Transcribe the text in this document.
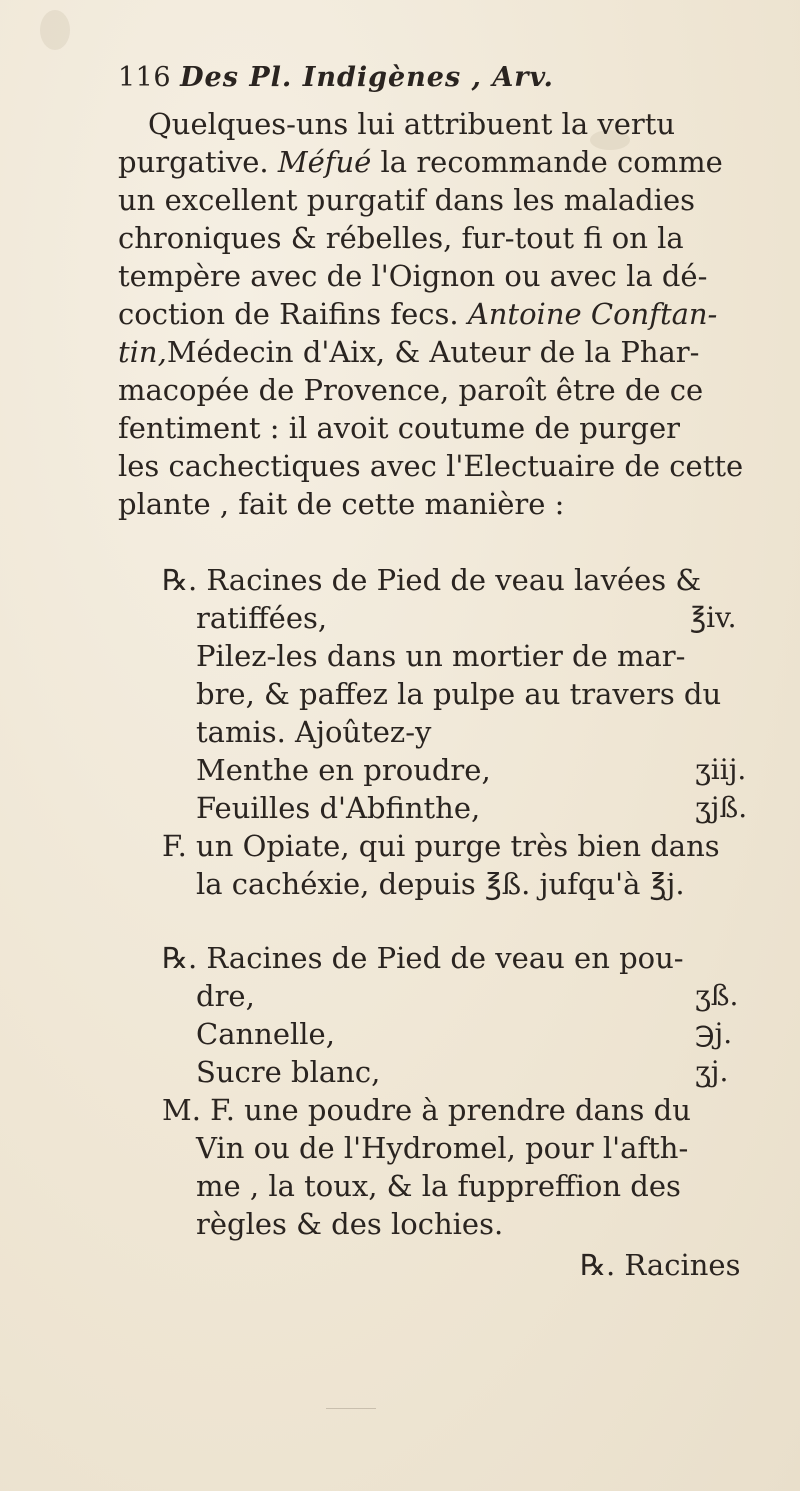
116 Des Pl. Indigènes , Arv.
Quelques-uns lui attribuent la vertu
purgative. Méfué la recommande comme
un excellent purgatif dans les maladies
chroniques & rébelles, fur-tout fi on la
tempère avec de l'Oignon ou avec la dé-
coction de Raifins fecs. Antoine Conftan-
tin,Médecin d'Aix, & Auteur de la Phar-
macopée de Provence, paroît être de ce
fentiment : il avoit coutume de purger
les cachectiques avec l'Electuaire de cette
plante , fait de cette manière :
℞. Racines de Pied de veau lavées &
ratiffées,	℥iv.
Pilez-les dans un mortier de mar-
bre, & paffez la pulpe au travers du
tamis. Ajoûtez-y
Menthe en proudre,	ʒiij.
Feuilles d'Abfinthe,	ʒjß.
F. un Opiate, qui purge très bien dans
la cachéxie, depuis ℥ß. jufqu'à ℥j.
℞. Racines de Pied de veau en pou-
dre,	ʒß.
Cannelle,	℈j.
Sucre blanc,	ʒj.
M. F. une poudre à prendre dans du
Vin ou de l'Hydromel, pour l'afth-
me , la toux, & la fuppreffion des
règles & des lochies.
℞. Racines
